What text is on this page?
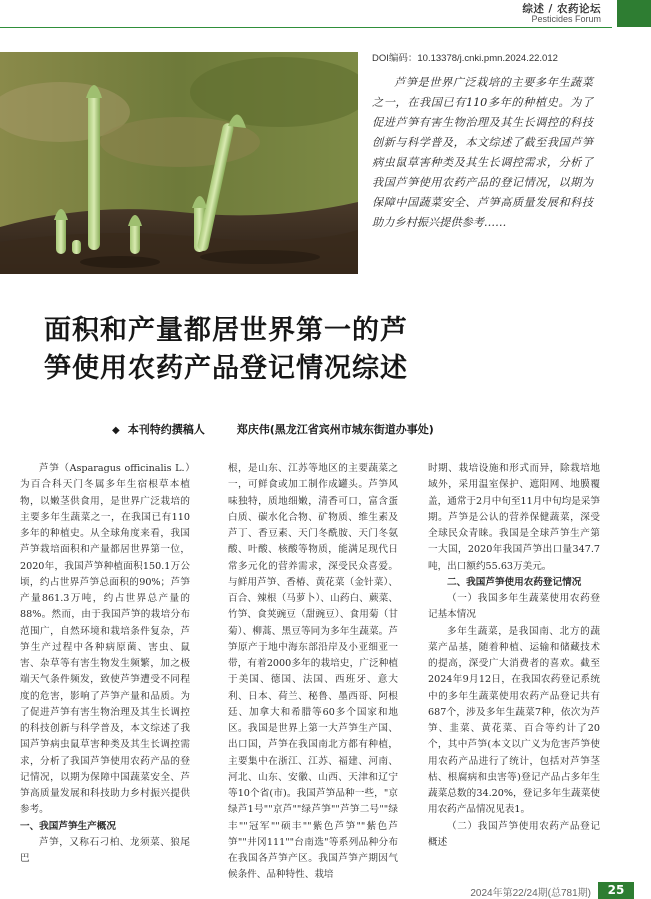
综述 / 农药论坛
Pesticides Forum
DOI编码：10.13378/j.cnki.pmn.2024.22.012
芦笋是世界广泛栽培的主要多年生蔬菜之一，在我国已有110多年的种植史。为了促进芦笋有害生物治理及其生长调控的科技创新与科学普及，本文综述了截至我国芦笋病虫鼠草害种类及其生长调控需求，分析了我国芦笋使用农药产品的登记情况，以期为保障中国蔬菜安全、芦笋高质量发展和科技助力乡村振兴提供参考……
面积和产量都居世界第一的芦
笋使用农药产品登记情况综述
◆ 本刊特约撰稿人	郑庆伟(黑龙江省宾州市城东街道办事处)

芦笋（Asparagus officinalis L.）为百合科天门冬属多年生宿根草本植物，以嫩茎供食用，是世界广泛栽培的主要多年生蔬菜之一，在我国已有110多年的种植史。从全球角度来看，我国芦笋栽培面积和产量都居世界第一位，2020年，我国芦笋种植面积150.1万公顷，约占世界芦笋总面积的90%；芦笋产量861.3万吨，约占世界总产量的88%。然而，由于我国芦笋的栽培分布范围广，自然环境和栽培条件复杂，芦笋生产过程中各种病原菌、害虫、鼠害、杂草等有害生物发生频繁，加之极端天气条件频发，致使芦笋遭受不同程度的危害，影响了芦笋产量和品质。为了促进芦笋有害生物治理及其生长调控的科技创新与科学普及，本文综述了我国芦笋病虫鼠草害种类及其生长调控需求，分析了我国芦笋使用农药产品的登记情况，以期为保障中国蔬菜安全、芦笋高质量发展和科技助力乡村振兴提供参考。

一、我国芦笋生产概况

芦笋，又称石刁柏、龙须菜、狼尾巴

根，是山东、江苏等地区的主要蔬菜之一，可鲜食或加工制作成罐头。芦笋风味独特，质地细嫩，清香可口，富含蛋白质、碳水化合物、矿物质、维生素及芦丁、香豆素、天门冬酰胺、天门冬氨酸、叶酸、核酸等物质，能满足现代日常多元化的营养需求，深受民众喜爱。与鲜用芦笋、香椿、黄花菜（金针菜）、百合、辣根（马萝卜）、山药白、蕨菜、竹笋、食荚豌豆（甜豌豆）、食用菊（甘菊）、柳蒿、黑豆等同为多年生蔬菜。芦笋原产于地中海东部沿岸及小亚细亚一带，有着2000多年的栽培史，广泛种植于美国、德国、法国、西班牙、意大利、日本、荷兰、秘鲁、墨西哥、阿根廷、加拿大和希腊等60多个国家和地区。我国是世界上第一大芦笋生产国、出口国，芦笋在我国南北方都有种植，主要集中在浙江、江苏、福建、河南、河北、山东、安徽、山西、天津和辽宁等10个省(市)。我国芦笋品种一些，"京绿芦1号""京芦""绿芦笋""芦笋二号""绿丰""冠军""硕丰""紫色芦笋""紫色芦笋""井冈111""台南选"等系列品种分布在我国各芦笋产区。我国芦笋产期因气候条件、品种特性、栽培

时期、栽培设施和形式而异，除栽培地域外，采用温室保护、遮阳网、地膜覆盖，通常于2月中旬至11月中旬均是采笋期。芦笋是公认的营养保健蔬菜，深受全球民众青睐。我国是全球芦笋生产第一大国，2020年我国芦笋出口量347.7吨，出口额约55.63万美元。

二、我国芦笋使用农药登记情况
（一）我国多年生蔬菜使用农药登记基本情况

多年生蔬菜，是我国南、北方的蔬菜产品基，随着种植、运输和储藏技术的提高，深受广大消费者的喜欢。截至2024年9月12日，在我国农药登记系统中的多年生蔬菜使用农药产品登记共有687个，涉及多年生蔬菜7种，依次为芦笋、韭菜、黄花菜、百合等约计了20个，其中芦笋(本文以广义为危害芦笋使用农药产品进行了统计，包括对芦笋茎枯、根腐病和虫害等)登记产品占多年生蔬菜总数的34.20%，登记多年生蔬菜使用农药产品情况见表1。

（二）我国芦笋使用农药产品登记概述
2024年第22/24期(总781期)	25
